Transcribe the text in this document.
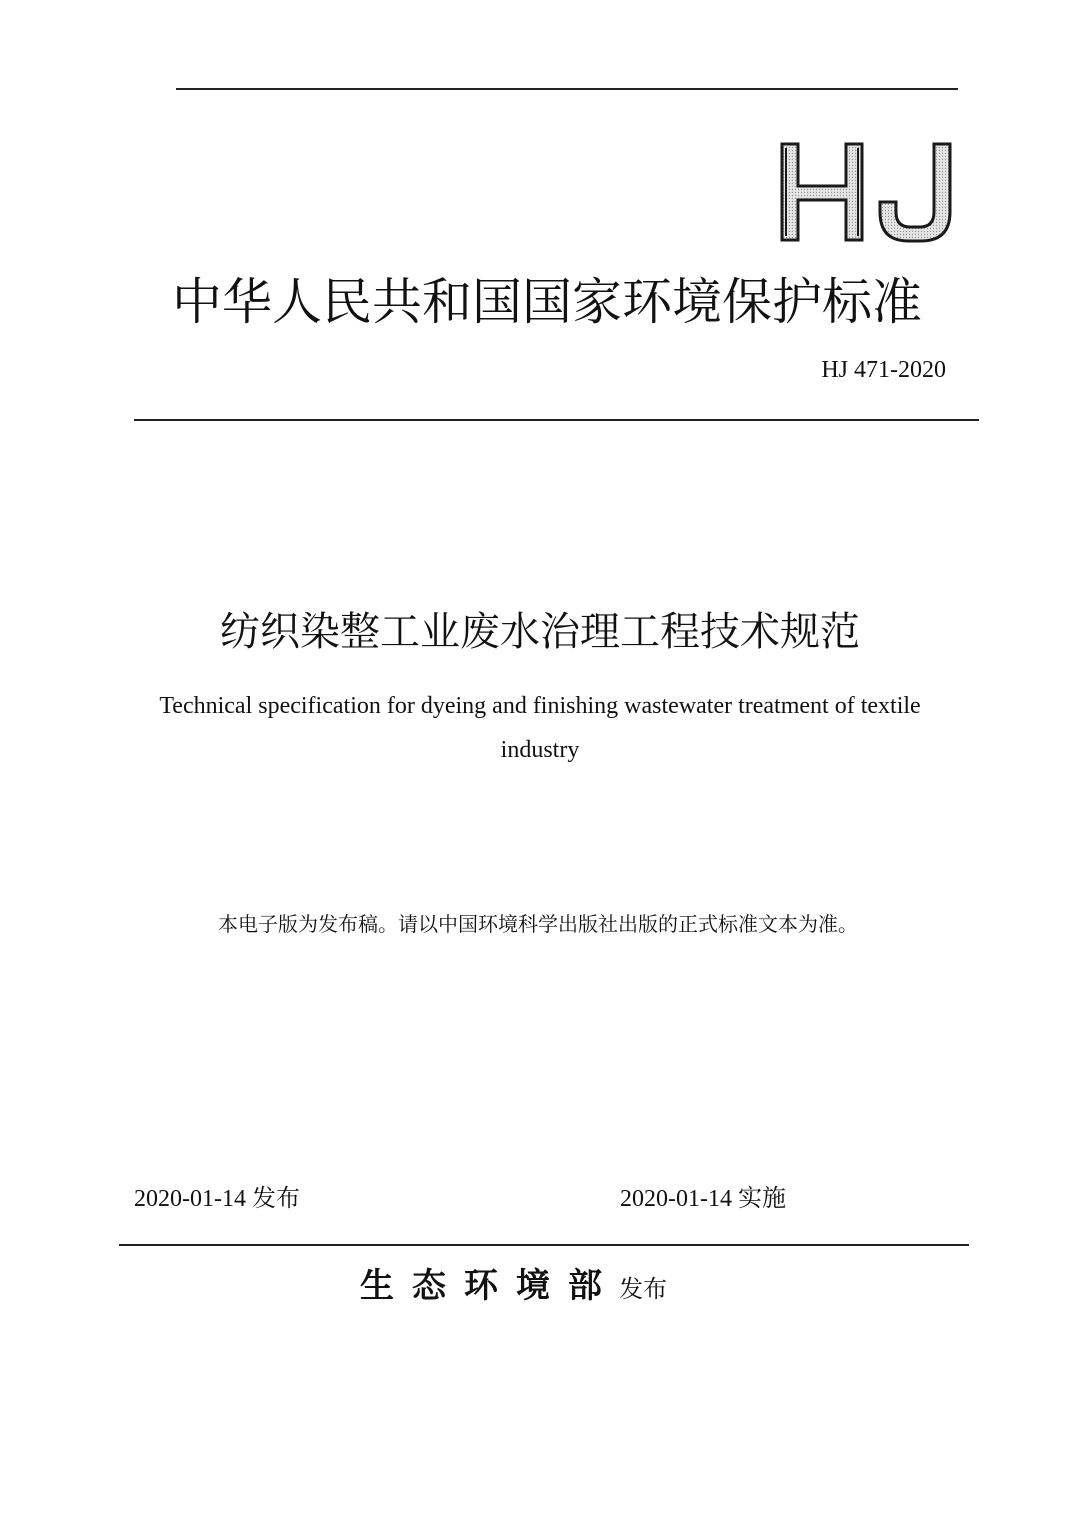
中华人民共和国国家环境保护标准
HJ 471-2020
纺织染整工业废水治理工程技术规范
Technical specification for dyeing and finishing wastewater treatment of textile industry
本电子版为发布稿。请以中国环境科学出版社出版的正式标准文本为准。
2020-01-14 发布	2020-01-14 实施
生态环境部 发布
